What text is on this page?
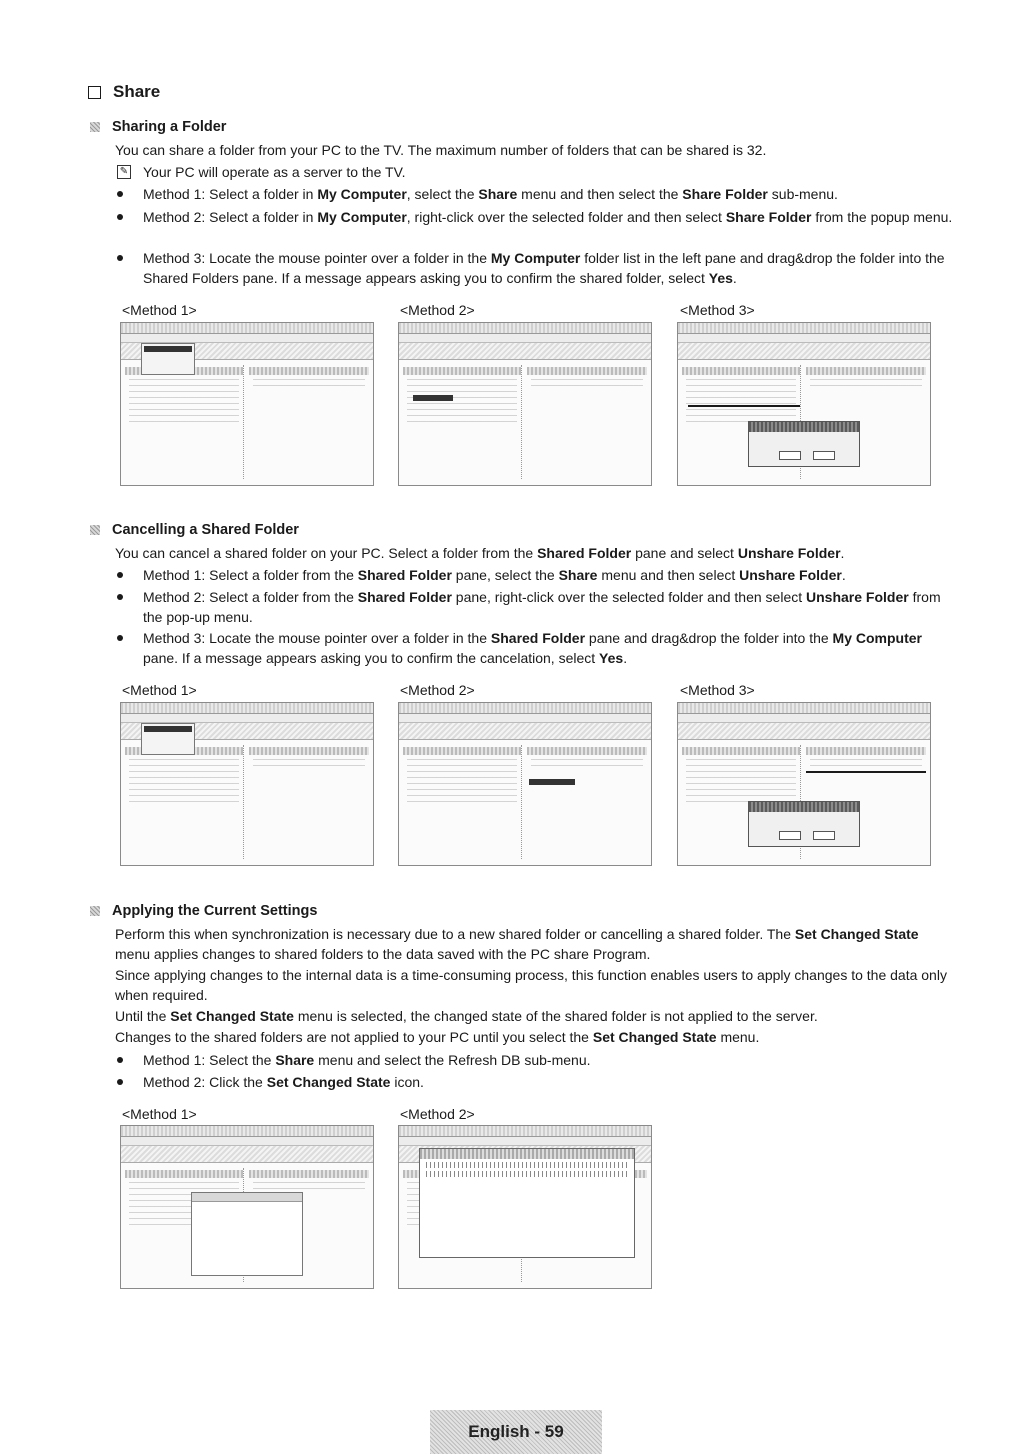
Share
Sharing a Folder
You can share a folder from your PC to the TV. The maximum number of folders that can be shared is 32.
✎ Your PC will operate as a server to the TV.
Method 1: Select a folder in My Computer, select the Share menu and then select the Share Folder sub-menu.
Method 2: Select a folder in My Computer, right-click over the selected folder and then select Share Folder from the popup menu.
Method 3: Locate the mouse pointer over a folder in the My Computer folder list in the left pane and drag&drop the folder into the Shared Folders pane. If a message appears asking you to confirm the shared folder, select Yes.
<Method 1>	<Method 2>	<Method 3>
Cancelling a Shared Folder
You can cancel a shared folder on your PC. Select a folder from the Shared Folder pane and select Unshare Folder.
Method 1: Select a folder from the Shared Folder pane, select the Share menu and then select Unshare Folder.
Method 2: Select a folder from the Shared Folder pane, right-click over the selected folder and then select Unshare Folder from the pop-up menu.
Method 3: Locate the mouse pointer over a folder in the Shared Folder pane and drag&drop the folder into the My Computer pane. If a message appears asking you to confirm the cancelation, select Yes.
<Method 1>	<Method 2>	<Method 3>
Applying the Current Settings
Perform this when synchronization is necessary due to a new shared folder or cancelling a shared folder. The Set Changed State menu applies changes to shared folders to the data saved with the PC share Program.
Since applying changes to the internal data is a time-consuming process, this function enables users to apply changes to the data only when required.
Until the Set Changed State menu is selected, the changed state of the shared folder is not applied to the server.
Changes to the shared folders are not applied to your PC until you select the Set Changed State menu.
Method 1: Select the Share menu and select the Refresh DB sub-menu.
Method 2: Click the Set Changed State icon.
<Method 1>	<Method 2>
English - 59
